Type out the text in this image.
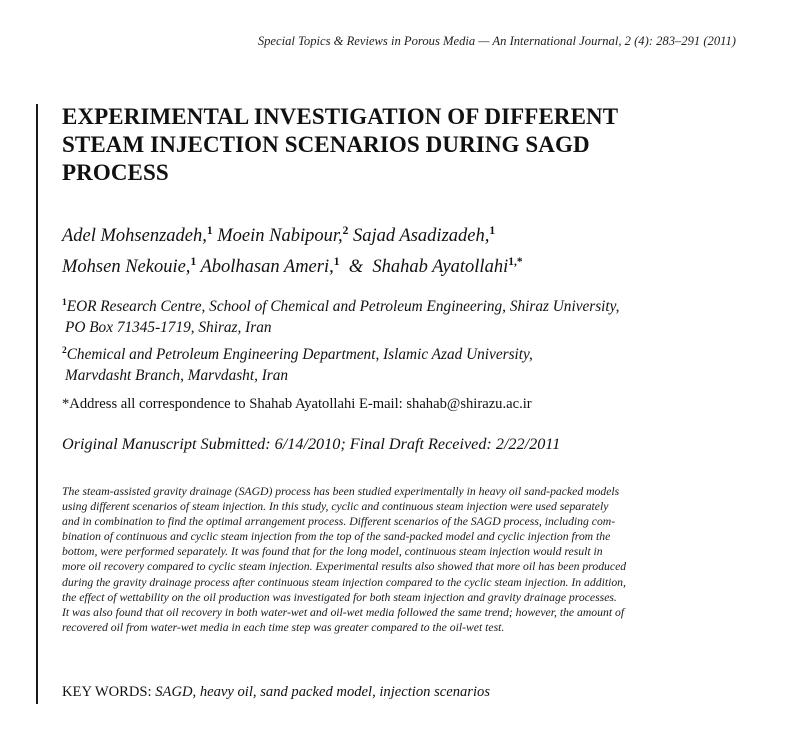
Special Topics & Reviews in Porous Media — An International Journal, 2 (4): 283–291 (2011)
EXPERIMENTAL INVESTIGATION OF DIFFERENT
STEAM INJECTION SCENARIOS DURING SAGD
PROCESS
Adel Mohsenzadeh,$^1$ Moein Nabipour,$^2$ Sajad Asadizadeh,$^1$
Mohsen Nekouie,$^1$ Abolhasan Ameri,$^1$ & Shahab Ayatollahi$^{1,*}$
$^1$EOR Research Centre, School of Chemical and Petroleum Engineering, Shiraz University,
PO Box 71345-1719, Shiraz, Iran
$^2$Chemical and Petroleum Engineering Department, Islamic Azad University,
Marvdasht Branch, Marvdasht, Iran
*Address all correspondence to Shahab Ayatollahi E-mail: shahab@shirazu.ac.ir
Original Manuscript Submitted: 6/14/2010; Final Draft Received: 2/22/2011
The steam-assisted gravity drainage (SAGD) process has been studied experimentally in heavy oil sand-packed models
using different scenarios of steam injection. In this study, cyclic and continuous steam injection were used separately
and in combination to find the optimal arrangement process. Different scenarios of the SAGD process, including com-
bination of continuous and cyclic steam injection from the top of the sand-packed model and cyclic injection from the
bottom, were performed separately. It was found that for the long model, continuous steam injection would result in
more oil recovery compared to cyclic steam injection. Experimental results also showed that more oil has been produced
during the gravity drainage process after continuous steam injection compared to the cyclic steam injection. In addition,
the effect of wettability on the oil production was investigated for both steam injection and gravity drainage processes.
It was also found that oil recovery in both water-wet and oil-wet media followed the same trend; however, the amount of
recovered oil from water-wet media in each time step was greater compared to the oil-wet test.
KEY WORDS: SAGD, heavy oil, sand packed model, injection scenarios
